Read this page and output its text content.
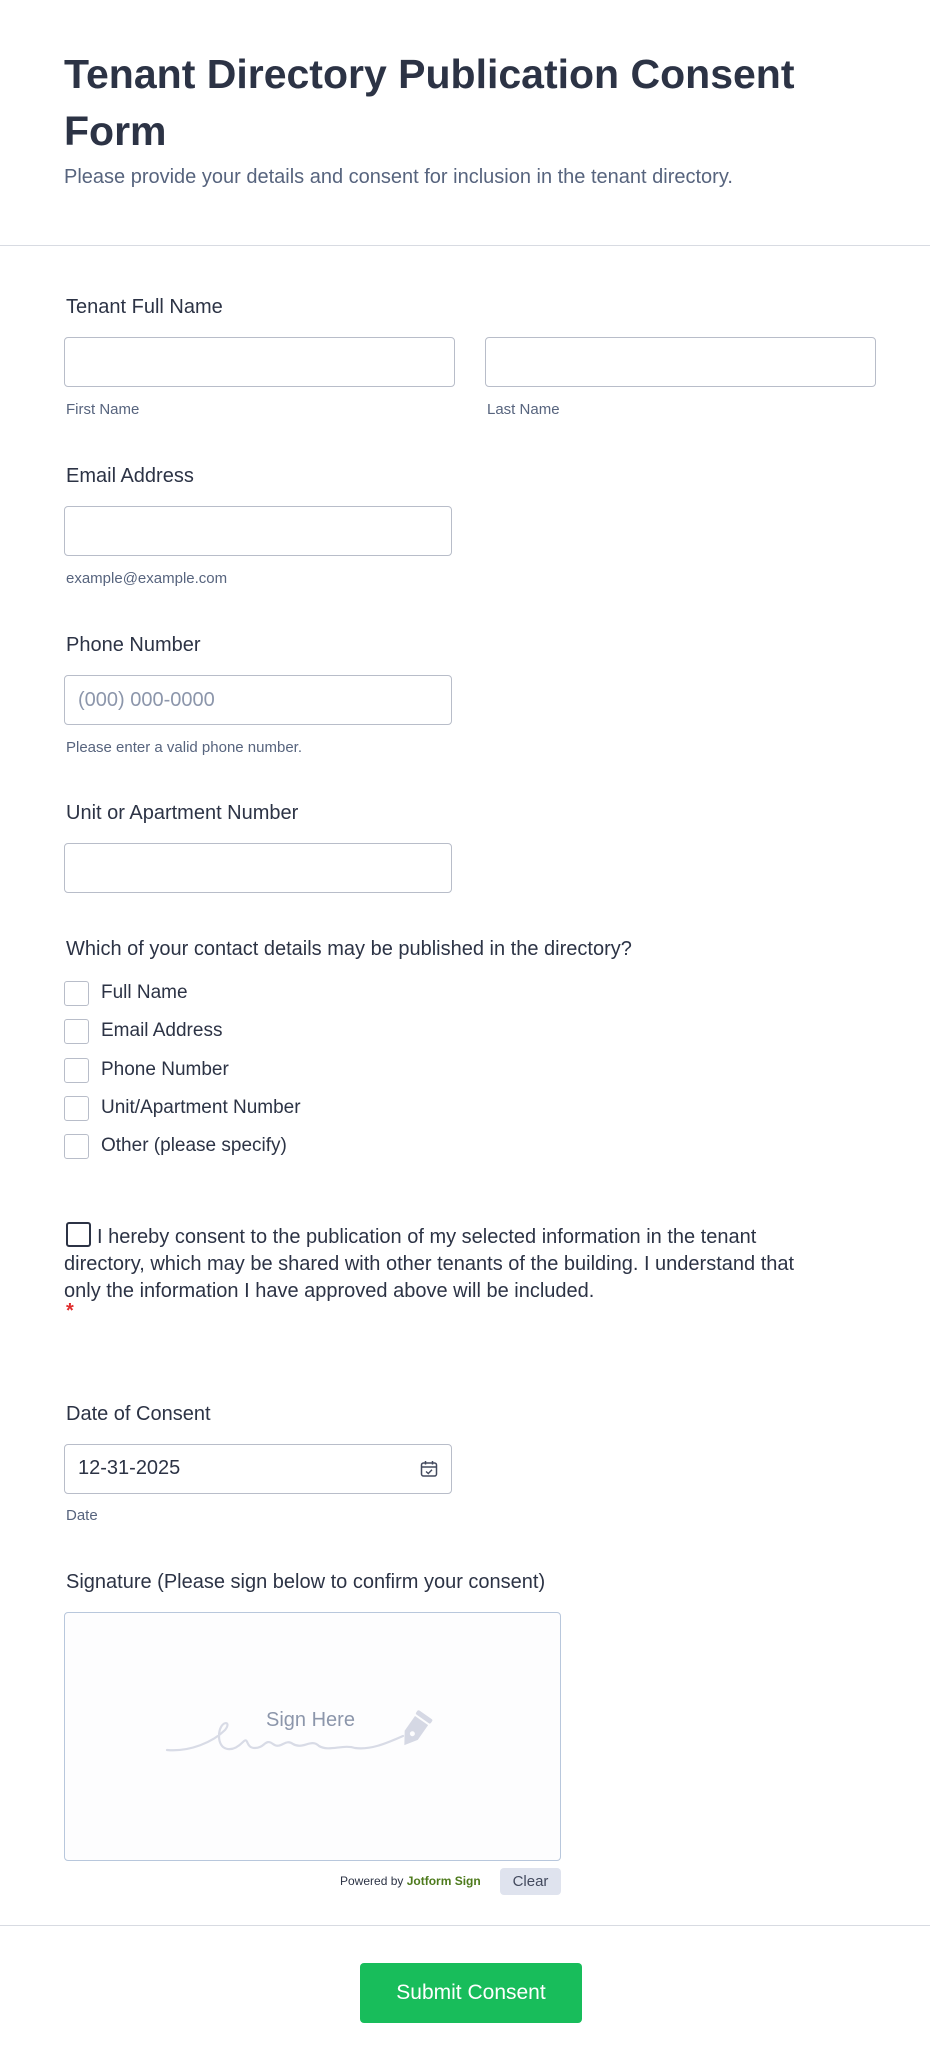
Tenant Directory Publication Consent Form
Please provide your details and consent for inclusion in the tenant directory.
Tenant Full Name
First Name	Last Name
Email Address
example@example.com
Phone Number
(000) 000-0000
Please enter a valid phone number.
Unit or Apartment Number
Which of your contact details may be published in the directory?
Full Name
Email Address
Phone Number
Unit/Apartment Number
Other (please specify)
I hereby consent to the publication of my selected information in the tenant directory, which may be shared with other tenants of the building. I understand that only the information I have approved above will be included.
*
Date of Consent
12-31-2025
Date
Signature (Please sign below to confirm your consent)
Sign Here
Powered by Jotform Sign	Clear
Submit Consent
